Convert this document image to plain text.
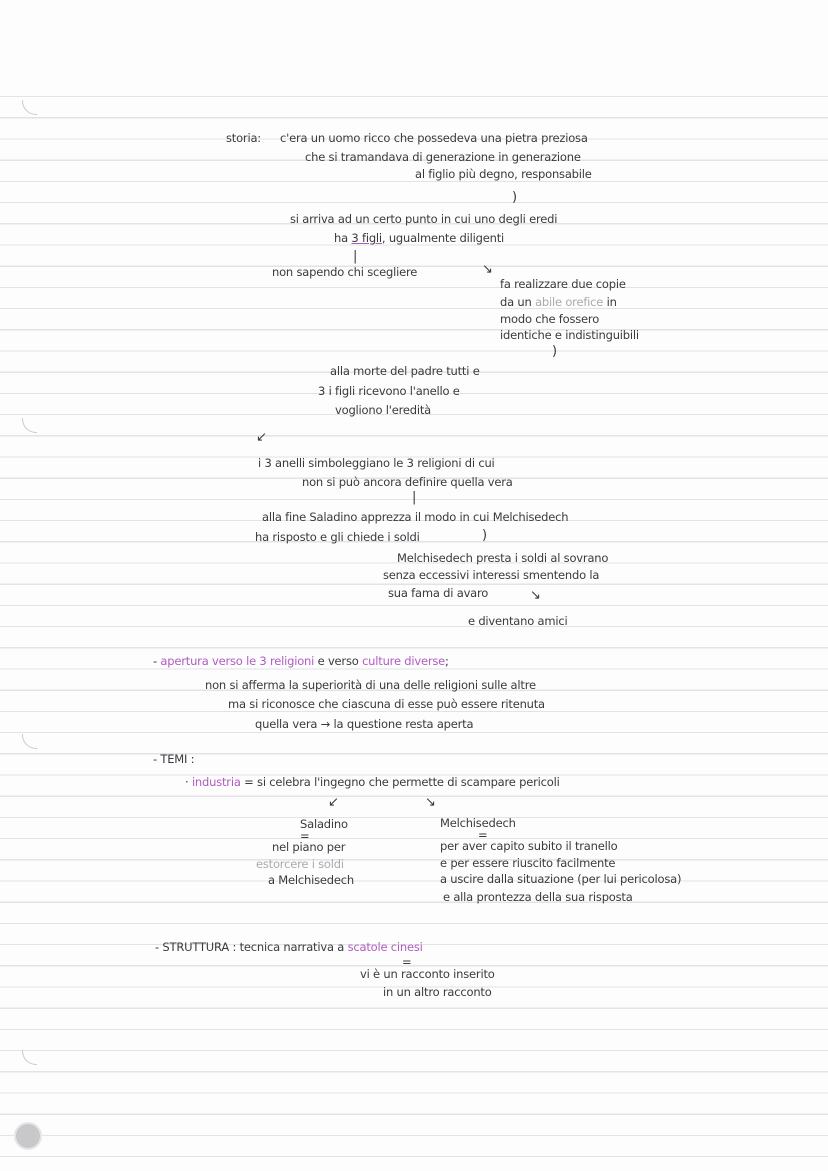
storia: c'era un uomo ricco che possedeva una pietra preziosa
che si tramandava di generazione in generazione
al figlio più degno, responsabile
)
si arriva ad un certo punto in cui uno degli eredi
ha 3 figli, ugualmente diligenti
|
non sapendo chi scegliere	↘
fa realizzare due copie
da un abile orefice in
modo che fossero
identiche e indistinguibili
)
alla morte del padre tutti e
3 i figli ricevono l'anello e
vogliono l'eredità
↙
i 3 anelli simboleggiano le 3 religioni di cui
non si può ancora definire quella vera
|
alla fine Saladino apprezza il modo in cui Melchisedech
ha risposto e gli chiede i soldi	)
Melchisedech presta i soldi al sovrano
senza eccessivi interessi smentendo la
sua fama di avaro	↘
e diventano amici
- apertura verso le 3 religioni e verso culture diverse;
non si afferma la superiorità di una delle religioni sulle altre
ma si riconosce che ciascuna di esse può essere ritenuta
quella vera → la questione resta aperta
- TEMI :
· industria = si celebra l'ingegno che permette di scampare pericoli
↙	↘
Saladino
=
nel piano per
estorcere i soldi
a Melchisedech
Melchisedech
=
per aver capito subito il tranello
e per essere riuscito facilmente
a uscire dalla situazione (per lui pericolosa)
e alla prontezza della sua risposta
- STRUTTURA : tecnica narrativa a scatole cinesi
=
vi è un racconto inserito
in un altro racconto
